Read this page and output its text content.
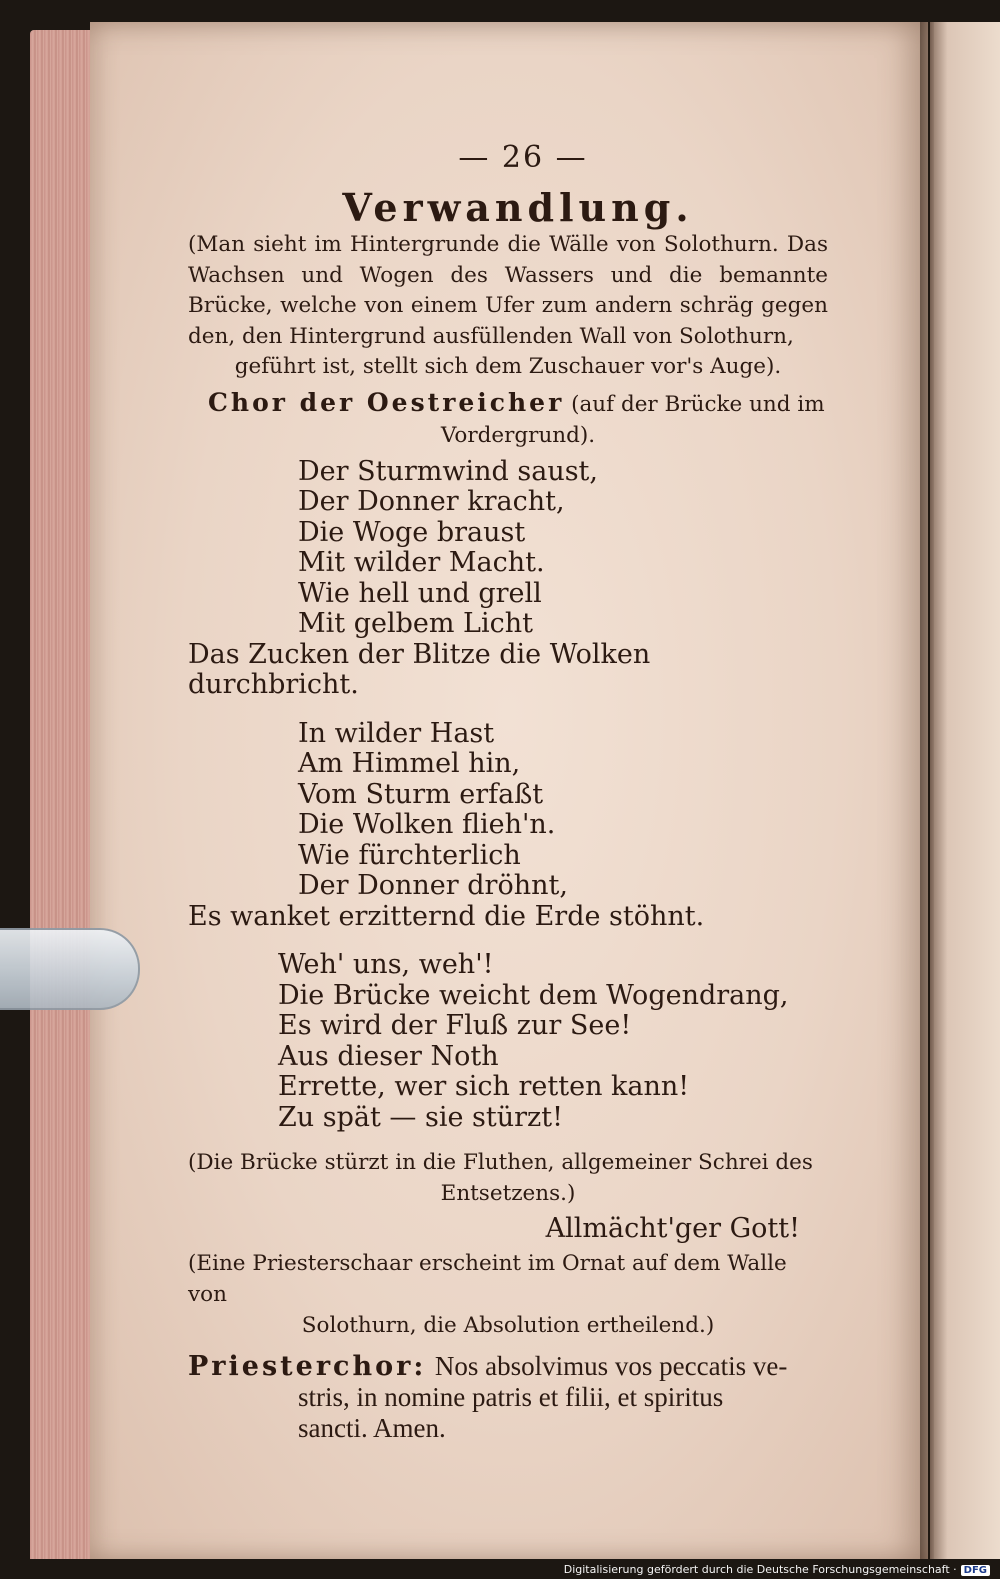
— 26 —
Verwandlung.
(Man sieht im Hintergrunde die Wälle von Solothurn. Das Wachsen und Wogen des Wassers und die bemannte Brücke, welche von einem Ufer zum andern schräg gegen den, den Hintergrund ausfüllenden Wall von Solothurn,
geführt ist, stellt sich dem Zuschauer vor's Auge).
Chor der Oestreicher (auf der Brücke und im
Vordergrund).
Der Sturmwind saust,
Der Donner kracht,
Die Woge braust
Mit wilder Macht.
Wie hell und grell
Mit gelbem Licht
Das Zucken der Blitze die Wolken durchbricht.
In wilder Hast
Am Himmel hin,
Vom Sturm erfaßt
Die Wolken flieh'n.
Wie fürchterlich
Der Donner dröhnt,
Es wanket erzitternd die Erde stöhnt.
Weh' uns, weh'!
Die Brücke weicht dem Wogendrang,
Es wird der Fluß zur See!
Aus dieser Noth
Errette, wer sich retten kann!
Zu spät — sie stürzt!
(Die Brücke stürzt in die Fluthen, allgemeiner Schrei des
Entsetzens.)
Allmächt'ger Gott!
(Eine Priesterschaar erscheint im Ornat auf dem Walle von
Solothurn, die Absolution ertheilend.)
Priesterchor: Nos absolvimus vos peccatis ve-
stris, in nomine patris et filii, et spiritus
sancti. Amen.
Digitalisierung gefördert durch die Deutsche Forschungsgemeinschaft · DFG
